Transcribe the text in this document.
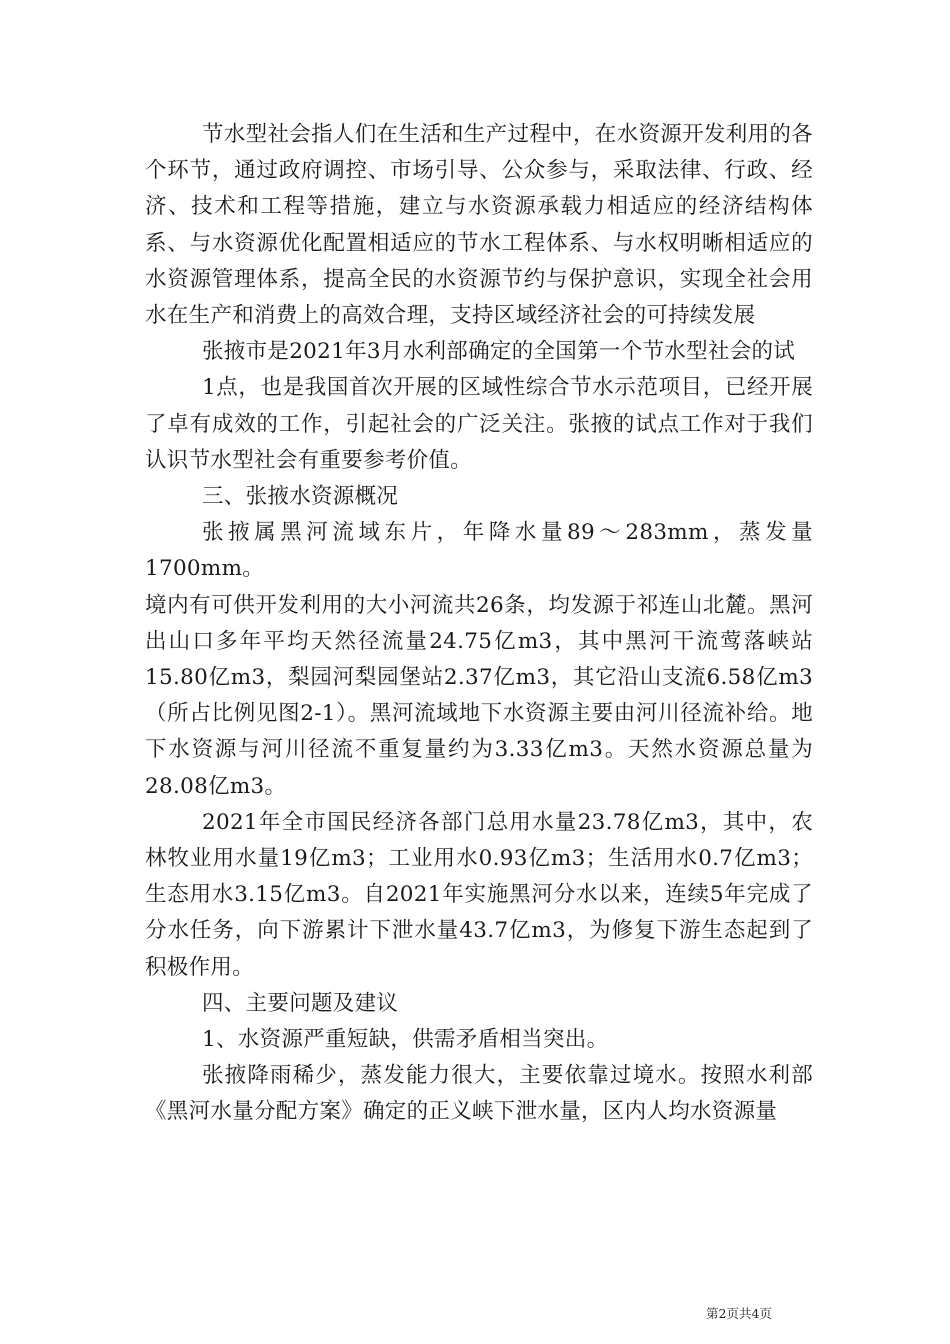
节水型社会指人们在生活和生产过程中，在水资源开发利用的各个环节，通过政府调控、市场引导、公众参与，采取法律、行政、经济、技术和工程等措施，建立与水资源承载力相适应的经济结构体系、与水资源优化配置相适应的节水工程体系、与水权明晰相适应的水资源管理体系，提高全民的水资源节约与保护意识，实现全社会用水在生产和消费上的高效合理，支持区域经济社会的可持续发展

张掖市是2021年3月水利部确定的全国第一个节水型社会的试

1点，也是我国首次开展的区域性综合节水示范项目，已经开展了卓有成效的工作，引起社会的广泛关注。张掖的试点工作对于我们认识节水型社会有重要参考价值。

三、张掖水资源概况

张掖属黑河流域东片，年降水量89～283mm，蒸发量1700mm。

境内有可供开发利用的大小河流共26条，均发源于祁连山北麓。黑河出山口多年平均天然径流量24.75亿m3，其中黑河干流莺落峡站15.80亿m3，梨园河梨园堡站2.37亿m3，其它沿山支流6.58亿m3（所占比例见图2-1）。黑河流域地下水资源主要由河川径流补给。地下水资源与河川径流不重复量约为3.33亿m3。天然水资源总量为28.08亿m3。

2021年全市国民经济各部门总用水量23.78亿m3，其中，农林牧业用水量19亿m3；工业用水0.93亿m3；生活用水0.7亿m3；生态用水3.15亿m3。自2021年实施黑河分水以来，连续5年完成了分水任务，向下游累计下泄水量43.7亿m3，为修复下游生态起到了积极作用。

四、主要问题及建议

1、水资源严重短缺，供需矛盾相当突出。

张掖降雨稀少，蒸发能力很大，主要依靠过境水。按照水利部《黑河水量分配方案》确定的正义峡下泄水量，区内人均水资源量

第2页共4页
